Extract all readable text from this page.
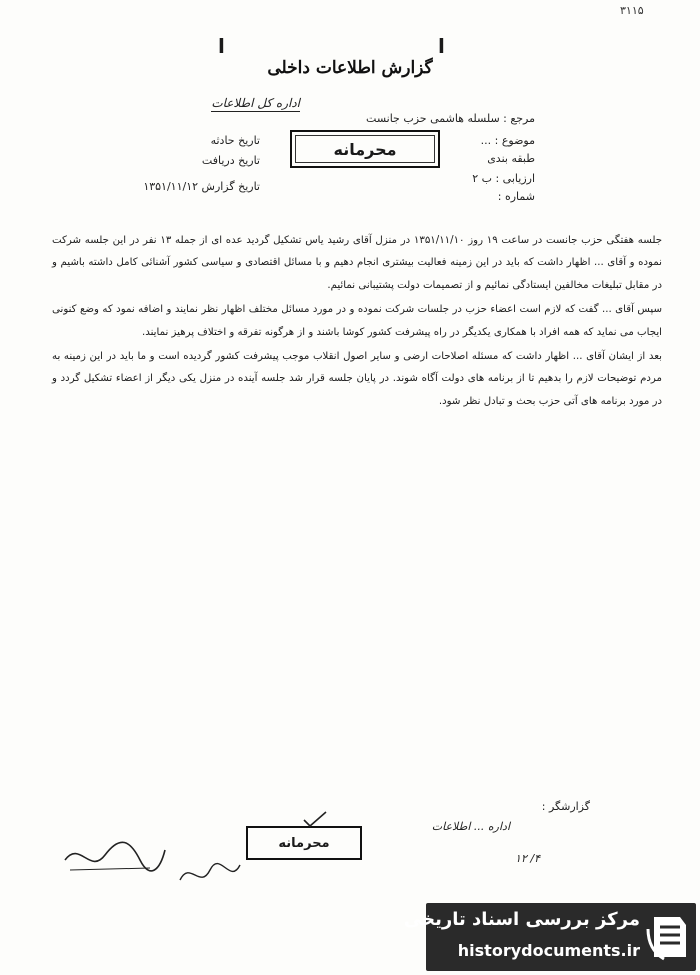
۳۱۱۵
ا	ا
گزارش اطلاعات داخلی
اداره کل اطلاعات
مرجع : سلسله هاشمی حزب جانست
موضوع : ...
طبقه بندی
ارزیابی : ب ۲
شماره :
تاریخ حادثه
تاریخ دریافت
تاریخ گزارش ۱۳۵۱/۱۱/۱۲
محرمانه

جلسه هفتگی حزب جانست در ساعت ۱۹ روز ۱۳۵۱/۱۱/۱۰ در منزل آقای رشید یاس تشکیل گردید عده ای از جمله ۱۳ نفر در این جلسه شرکت نموده و آقای ... اظهار داشت که باید در این زمینه فعالیت بیشتری انجام دهیم و با مسائل اقتصادی و سیاسی کشور آشنائی کامل داشته باشیم و در مقابل تبلیغات مخالفین ایستادگی نمائیم و از تصمیمات دولت پشتیبانی نمائیم.

سپس آقای ... گفت که لازم است اعضاء حزب در جلسات شرکت نموده و در مورد مسائل مختلف اظهار نظر نمایند و اضافه نمود که وضع کنونی ایجاب می نماید که همه افراد با همکاری یکدیگر در راه پیشرفت کشور کوشا باشند و از هرگونه تفرقه و اختلاف پرهیز نمایند.

بعد از ایشان آقای ... اظهار داشت که مسئله اصلاحات ارضی و سایر اصول انقلاب موجب پیشرفت کشور گردیده است و ما باید در این زمینه به مردم توضیحات لازم را بدهیم تا از برنامه های دولت آگاه شوند. در پایان جلسه قرار شد جلسه آینده در منزل یکی دیگر از اعضاء تشکیل گردد و در مورد برنامه های آتی حزب بحث و تبادل نظر شود.

گزارشگر :
اداره ... اطلاعات
محرمانه
۴/ ۱۲
مرکز بررسی اسناد تاریخی
historydocuments.ir
